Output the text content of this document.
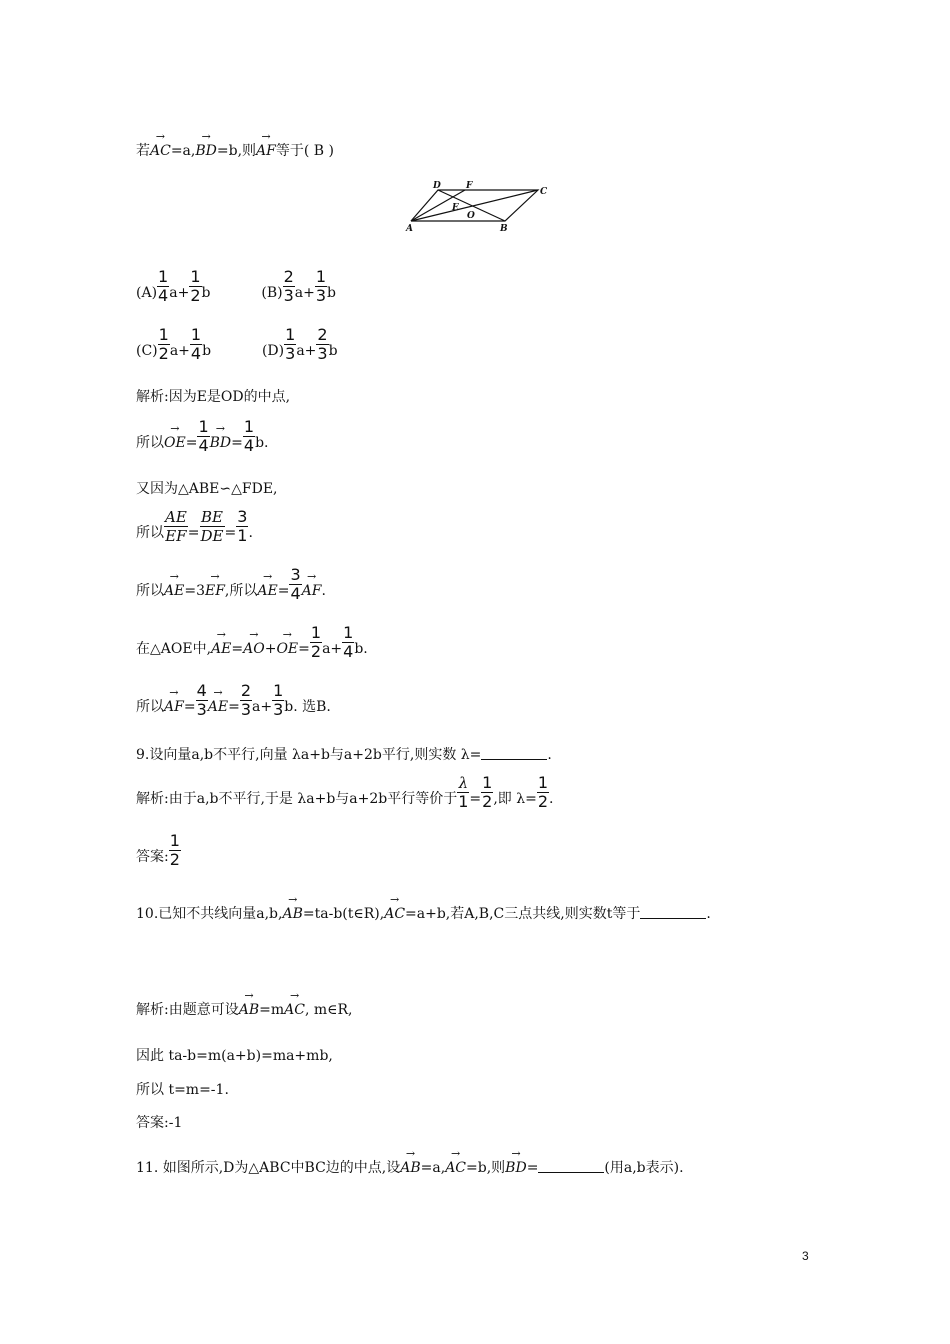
若→ AC=a,→ BD=b,则→ AF等于( B )
A	B
C
D
E
F
O
$(A) \frac{1}{4} a+ \frac{1}{2}$ b	$(B) \frac{2}{3} a+ \frac{1}{3}$ b
$(C) \frac{1}{2} a+ \frac{1}{4}$ b	$(D) \frac{1}{3} a+ \frac{2}{3}$ b
解析:因为E是OD的中点,
所以→ $OE= \frac{1}{4}$
→ $BD= \frac{1}{4} b$.
又因为△ABE∽△FDE,
所以 $\frac{AE}{EF} = \frac{BE}{DE} = \frac{3}{1}$ .
所以→ AE=3→ EF,所以→ $AE= \frac{3}{4}$
→ AF.
在△AOE中,→ $AE=\to AO+\to OE= \frac{1}{2} a+ \frac{1}{4} b$.
所以→ $AF= \frac{4}{3}$
→ $AE= \frac{2}{3} a+ \frac{1}{3} b$. 选B.
9.设向量a,b不平行,向量 λa+b与a+2b平行,则实数 λ=	.
解析:由于a,b不平行,于是 λa+b与a+2b平行等价于 $\frac{\lambda}{1} = \frac{1}{2}$ ,即 $\lambda= \frac{1}{2}$ .
答案: $\frac{1}{2}$
10.已知不共线向量a,b,→ AB=ta-b(t∈R),→ AC=a+b,若A,B,C三点共线,则实数t等于	.
解析:由题意可设→ AB=m→ AC, m∈R,
因此 ta-b=m(a+b)=ma+mb,
所以 t=m=-1.
答案:-1
11. 如图所示,D为△ABC中BC边的中点,设→ AB=a,→ AC=b,则→ BD=	(用a,b表示).
3
